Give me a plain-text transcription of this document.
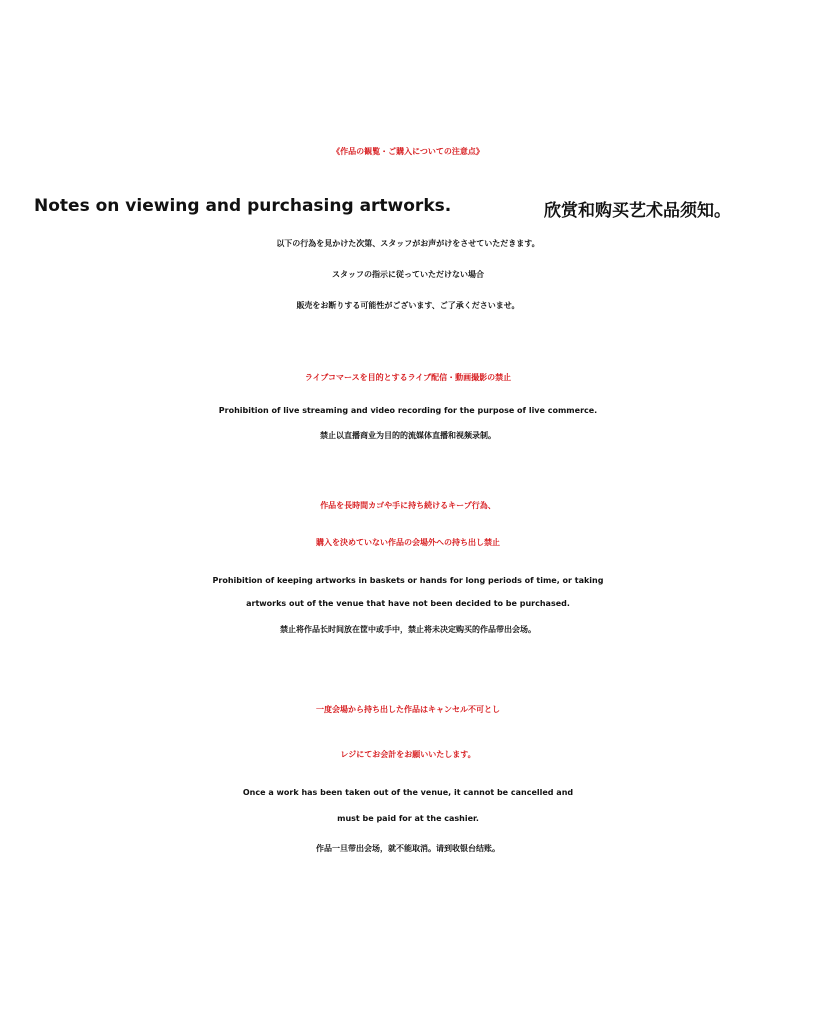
《作品の観覧・ご購入についての注意点》
Notes on viewing and purchasing artworks.	欣赏和购买艺术品须知。
以下の行為を見かけた次第、スタッフがお声がけをさせていただきます。
スタッフの指示に従っていただけない場合
販売をお断りする可能性がございます、ご了承くださいませ。
ライブコマースを目的とするライブ配信・動画撮影の禁止
Prohibition of live streaming and video recording for the purpose of live commerce.
禁止以直播商业为目的的流媒体直播和视频录制。
作品を長時間カゴや手に持ち続けるキープ行為、
購入を決めていない作品の会場外への持ち出し禁止
Prohibition of keeping artworks in baskets or hands for long periods of time, or taking
artworks out of the venue that have not been decided to be purchased.
禁止将作品长时间放在筐中或手中，禁止将未决定购买的作品带出会场。
一度会場から持ち出した作品はキャンセル不可とし
レジにてお会計をお願いいたします。
Once a work has been taken out of the venue, it cannot be cancelled and
must be paid for at the cashier.
作品一旦带出会场，就不能取消。请到收银台结账。
